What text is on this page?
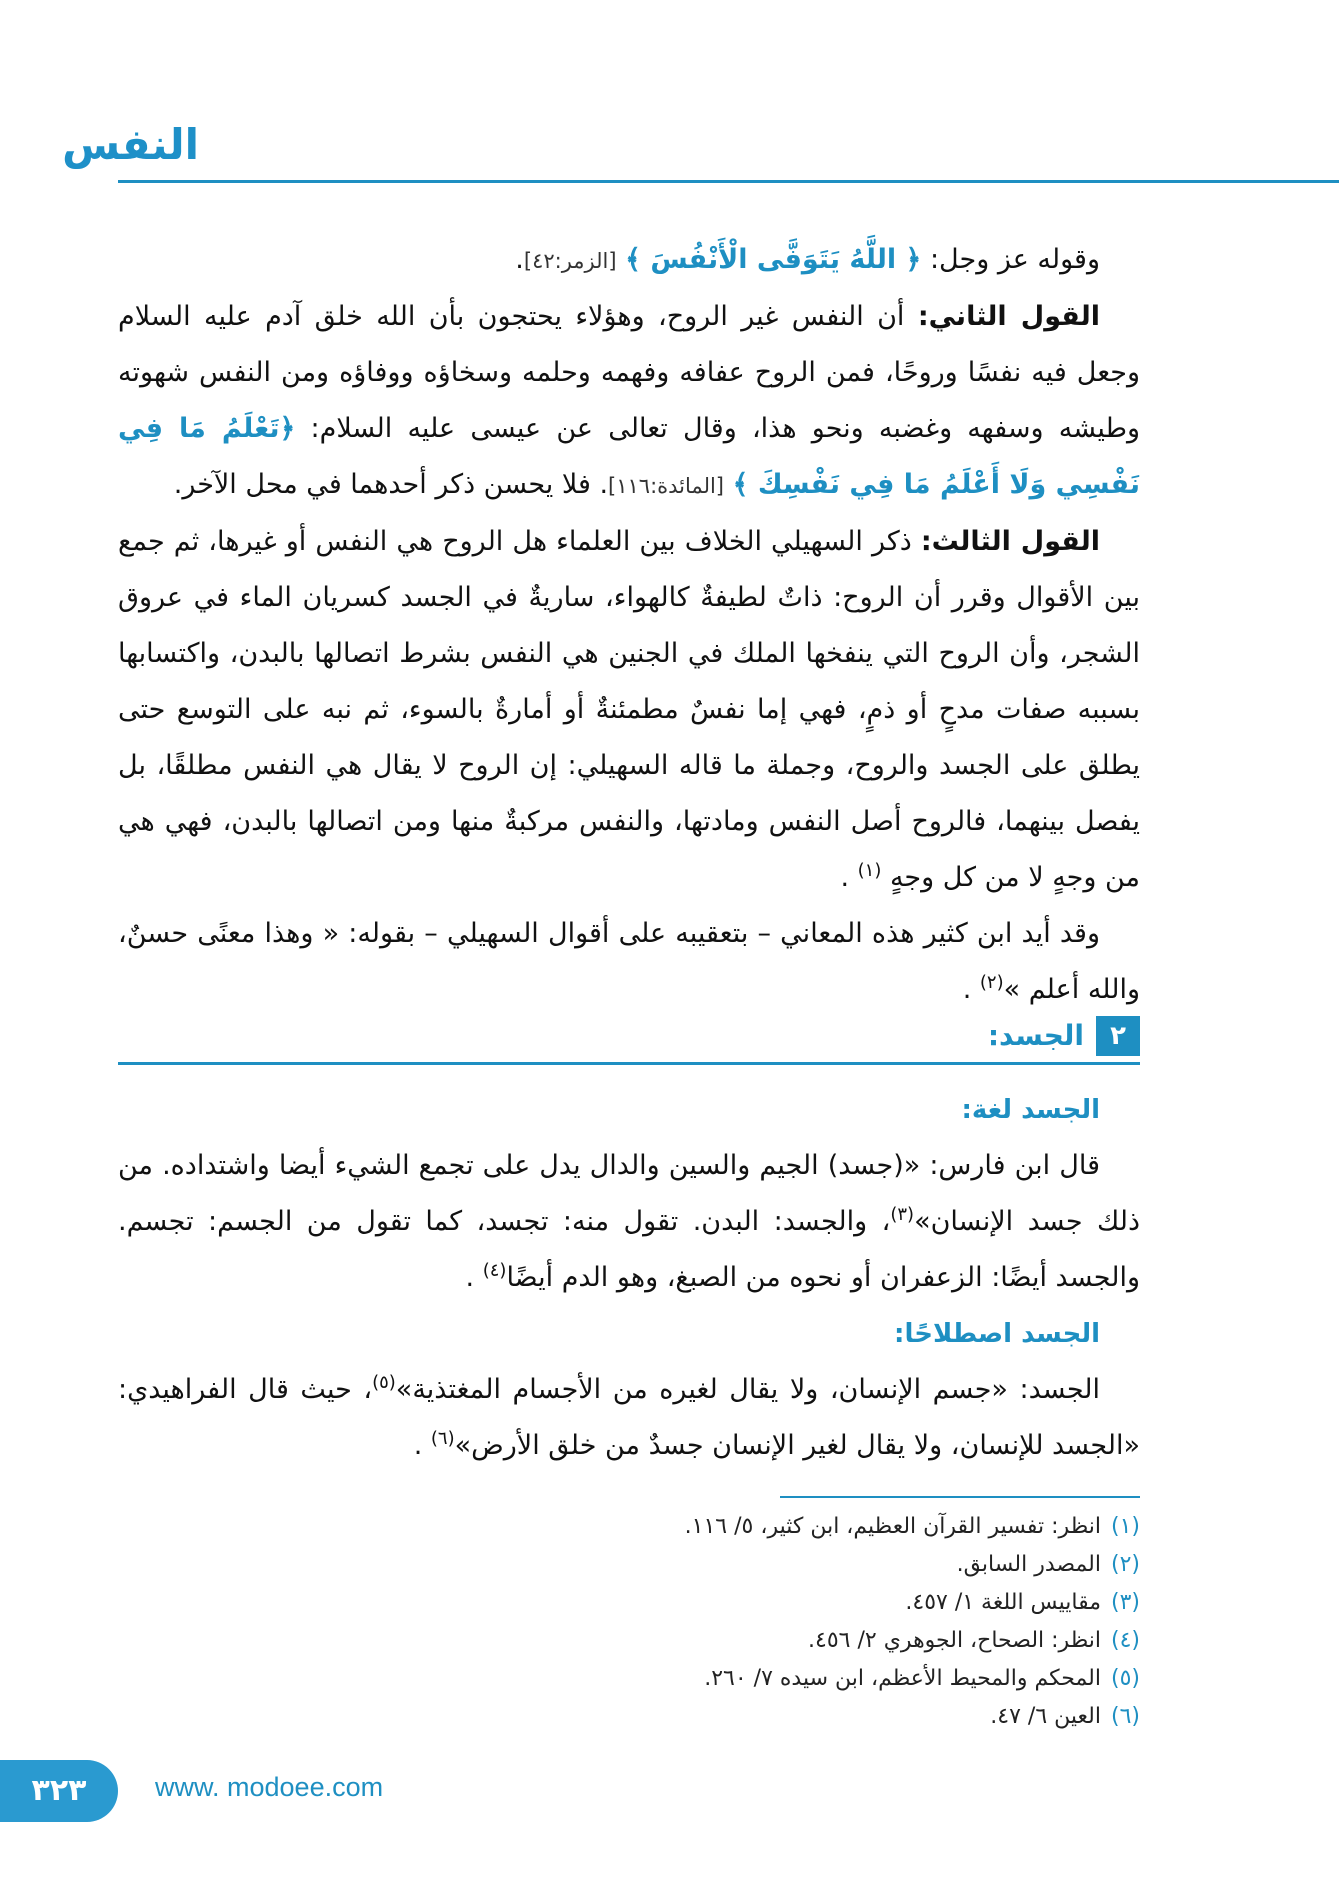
النفس

وقوله عز وجل: ﴿ اللَّهُ يَتَوَفَّى الْأَنْفُسَ ﴾ [الزمر:٤٢].

القول الثاني: أن النفس غير الروح، وهؤلاء يحتجون بأن الله خلق آدم عليه السلام وجعل فيه نفسًا وروحًا، فمن الروح عفافه وفهمه وحلمه وسخاؤه ووفاؤه ومن النفس شهوته وطيشه وسفهه وغضبه ونحو هذا، وقال تعالى عن عيسى عليه السلام: ﴿تَعْلَمُ مَا فِي نَفْسِي وَلَا أَعْلَمُ مَا فِي نَفْسِكَ ﴾ [المائدة:١١٦]. فلا يحسن ذكر أحدهما في محل الآخر.

القول الثالث: ذكر السهيلي الخلاف بين العلماء هل الروح هي النفس أو غيرها، ثم جمع بين الأقوال وقرر أن الروح: ذاتٌ لطيفةٌ كالهواء، ساريةٌ في الجسد كسريان الماء في عروق الشجر، وأن الروح التي ينفخها الملك في الجنين هي النفس بشرط اتصالها بالبدن، واكتسابها بسببه صفات مدحٍ أو ذمٍ، فهي إما نفسٌ مطمئنةٌ أو أمارةٌ بالسوء، ثم نبه على التوسع حتى يطلق على الجسد والروح، وجملة ما قاله السهيلي: إن الروح لا يقال هي النفس مطلقًا، بل يفصل بينهما، فالروح أصل النفس ومادتها، والنفس مركبةٌ منها ومن اتصالها بالبدن، فهي هي من وجهٍ لا من كل وجهٍ $^{(١)}$ .

وقد أيد ابن كثير هذه المعاني – بتعقيبه على أقوال السهيلي – بقوله: « وهذا معنًى حسنٌ، والله أعلم »$^{(٢)}$ .

٢
الجسد:

الجسد لغة:

قال ابن فارس: «(جسد) الجيم والسين والدال يدل على تجمع الشيء أيضا واشتداده. من ذلك جسد الإنسان»$^{(٣)}$، والجسد: البدن. تقول منه: تجسد، كما تقول من الجسم: تجسم. والجسد أيضًا: الزعفران أو نحوه من الصبغ، وهو الدم أيضًا$^{(٤)}$ .

الجسد اصطلاحًا:

الجسد: «جسم الإنسان، ولا يقال لغيره من الأجسام المغتذية»$^{(٥)}$، حيث قال الفراهيدي: «الجسد للإنسان، ولا يقال لغير الإنسان جسدٌ من خلق الأرض»$^{(٦)}$ .

(١)
انظر: تفسير القرآن العظيم، ابن كثير، ٥/ ١١٦.
(٢)
المصدر السابق.
(٣)
مقاييس اللغة ١/ ٤٥٧.
(٤)
انظر: الصحاح، الجوهري ٢/ ٤٥٦.
(٥)
المحكم والمحيط الأعظم، ابن سيده ٧/ ٢٦٠.
(٦)
العين ٦/ ٤٧.
٣٢٣	www. modoee.com
